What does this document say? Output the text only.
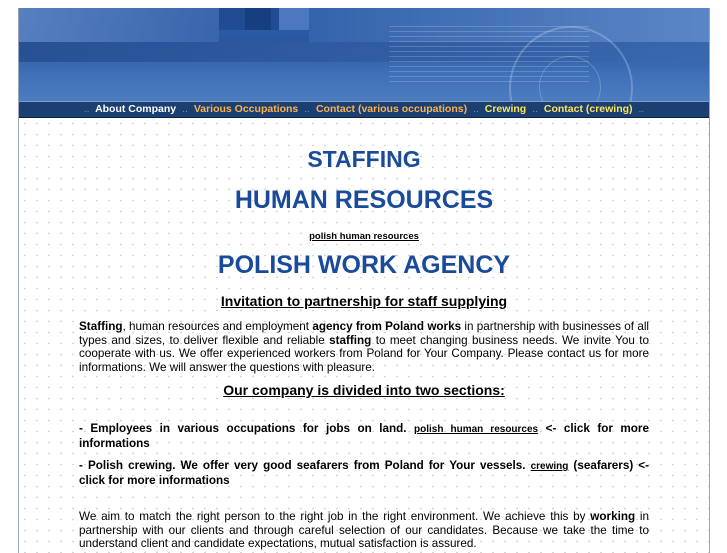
.. About Company .. Various Occupations .. Contact (various occupations) .. Crewing .. Contact (crewing) ..
STAFFING
HUMAN RESOURCES
polish human resources
POLISH WORK AGENCY
Invitation to partnership for staff supplying
Staffing, human resources and employment agency from Poland works in partnership with businesses of all types and sizes, to deliver flexible and reliable staffing to meet changing business needs. We invite You to cooperate with us. We offer experienced workers from Poland for Your Company. Please contact us for more informations. We will answer the questions with pleasure.
Our company is divided into two sections:
- Employees in various occupations for jobs on land. polish human resources <- click for more informations
- Polish crewing. We offer very good seafarers from Poland for Your vessels. crewing (seafarers) <- click for more informations
We aim to match the right person to the right job in the right environment. We achieve this by working in partnership with our clients and through careful selection of our candidates. Because we take the time to understand client and candidate expectations, mutual satisfaction is assured.
